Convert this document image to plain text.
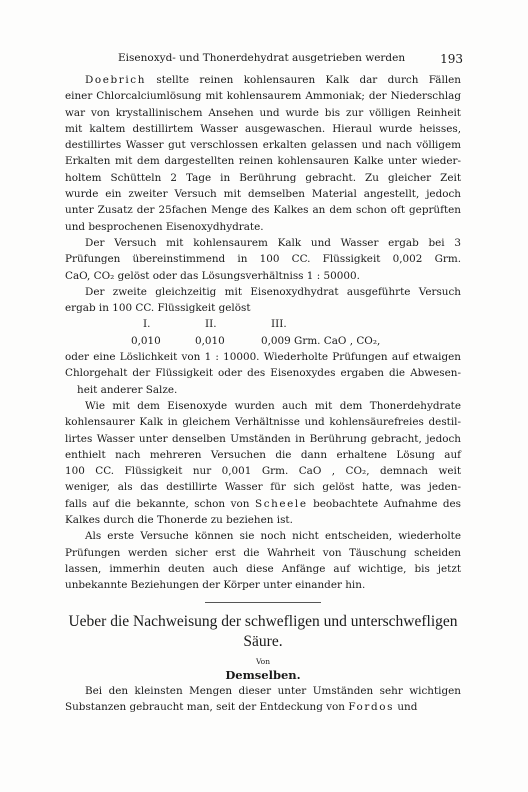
Eisenoxyd- und Thonerdehydrat ausgetrieben werden	193
Doebrich stellte reinen kohlensauren Kalk dar durch Fällen
einer Chlorcalciumlösung mit kohlensaurem Ammoniak; der Niederschlag
war von krystallinischem Ansehen und wurde bis zur völligen Reinheit
mit kaltem destillirtem Wasser ausgewaschen. Hieraul wurde heisses,
destillirtes Wasser gut verschlossen erkalten gelassen und nach völligem
Erkalten mit dem dargestellten reinen kohlensauren Kalke unter wieder-
holtem Schütteln 2 Tage in Berührung gebracht. Zu gleicher Zeit
wurde ein zweiter Versuch mit demselben Material angestellt, jedoch
unter Zusatz der 25fachen Menge des Kalkes an dem schon oft geprüften
und besprochenen Eisenoxydhydrate.
Der Versuch mit kohlensaurem Kalk und Wasser ergab bei 3
Prüfungen übereinstimmend in 100 CC. Flüssigkeit 0,002 Grm.
CaO, CO₂ gelöst oder das Lösungsverhältniss 1 : 50000.
Der zweite gleichzeitig mit Eisenoxydhydrat ausgeführte Versuch
ergab in 100 CC. Flüssigkeit gelöst
I.	II.	III.
0,010	0,010	0,009 Grm. CaO , CO₂,
oder eine Löslichkeit von 1 : 10000. Wiederholte Prüfungen auf etwaigen
Chlorgehalt der Flüssigkeit oder des Eisenoxydes ergaben die Abwesen-
heit anderer Salze.
Wie mit dem Eisenoxyde wurden auch mit dem Thonerdehydrate
kohlensaurer Kalk in gleichem Verhältnisse und kohlensäurefreies destil-
lirtes Wasser unter denselben Umständen in Berührung gebracht, jedoch
enthielt nach mehreren Versuchen die dann erhaltene Lösung auf
100 CC. Flüssigkeit nur 0,001 Grm. CaO , CO₂, demnach weit
weniger, als das destillirte Wasser für sich gelöst hatte, was jeden-
falls auf die bekannte, schon von Scheele beobachtete Aufnahme des
Kalkes durch die Thonerde zu beziehen ist.
Als erste Versuche können sie noch nicht entscheiden, wiederholte
Prüfungen werden sicher erst die Wahrheit von Täuschung scheiden
lassen, immerhin deuten auch diese Anfänge auf wichtige, bis jetzt
unbekannte Beziehungen der Körper unter einander hin.
Ueber die Nachweisung der schwefligen und unterschwefligen
Säure.
Von
Demselben.
Bei den kleinsten Mengen dieser unter Umständen sehr wichtigen
Substanzen gebraucht man, seit der Entdeckung von Fordos und
